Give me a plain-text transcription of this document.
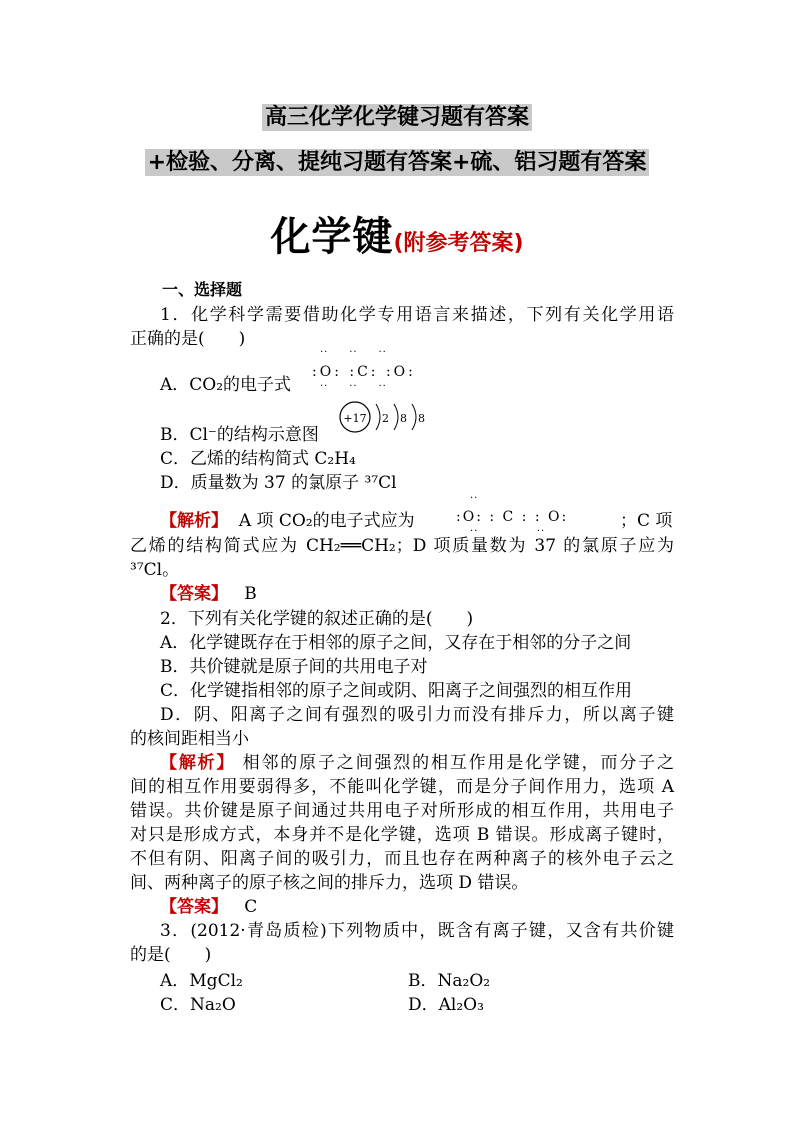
高三化学化学键习题有答案
+检验、分离、提纯习题有答案+硫、铝习题有答案
化学键(附参考答案)
一、选择题
1．化学科学需要借助化学专用语言来描述，下列有关化学用语
正确的是(　　)
··     ··     ··
A．CO₂的电子式
:O: :C: :O:
··     ··     ··
B．Cl⁻的结构示意图
+17 2 8 8
C．乙烯的结构简式 C₂H₄
D．质量数为 37 的氯原子 ³⁷Cl
【解析】 A 项 CO₂的电子式应为
··
:O: : C : : O:
··              ··
；C 项
乙烯的结构简式应为 CH₂══CH₂；D 项质量数为 37 的氯原子应为
³⁷Cl。
【答案】 B
2．下列有关化学键的叙述正确的是(　　)
A．化学键既存在于相邻的原子之间，又存在于相邻的分子之间
B．共价键就是原子间的共用电子对
C．化学键指相邻的原子之间或阴、阳离子之间强烈的相互作用
D．阴、阳离子之间有强烈的吸引力而没有排斥力，所以离子键
的核间距相当小
【解析】 相邻的原子之间强烈的相互作用是化学键，而分子之
间的相互作用要弱得多，不能叫化学键，而是分子间作用力，选项 A
错误。共价键是原子间通过共用电子对所形成的相互作用，共用电子
对只是形成方式，本身并不是化学键，选项 B 错误。形成离子键时，
不但有阴、阳离子间的吸引力，而且也存在两种离子的核外电子云之
间、两种离子的原子核之间的排斥力，选项 D 错误。
【答案】 C
3．(2012·青岛质检)下列物质中，既含有离子键，又含有共价键
的是(　　)
A．MgCl₂	B．Na₂O₂
C．Na₂O	D．Al₂O₃
